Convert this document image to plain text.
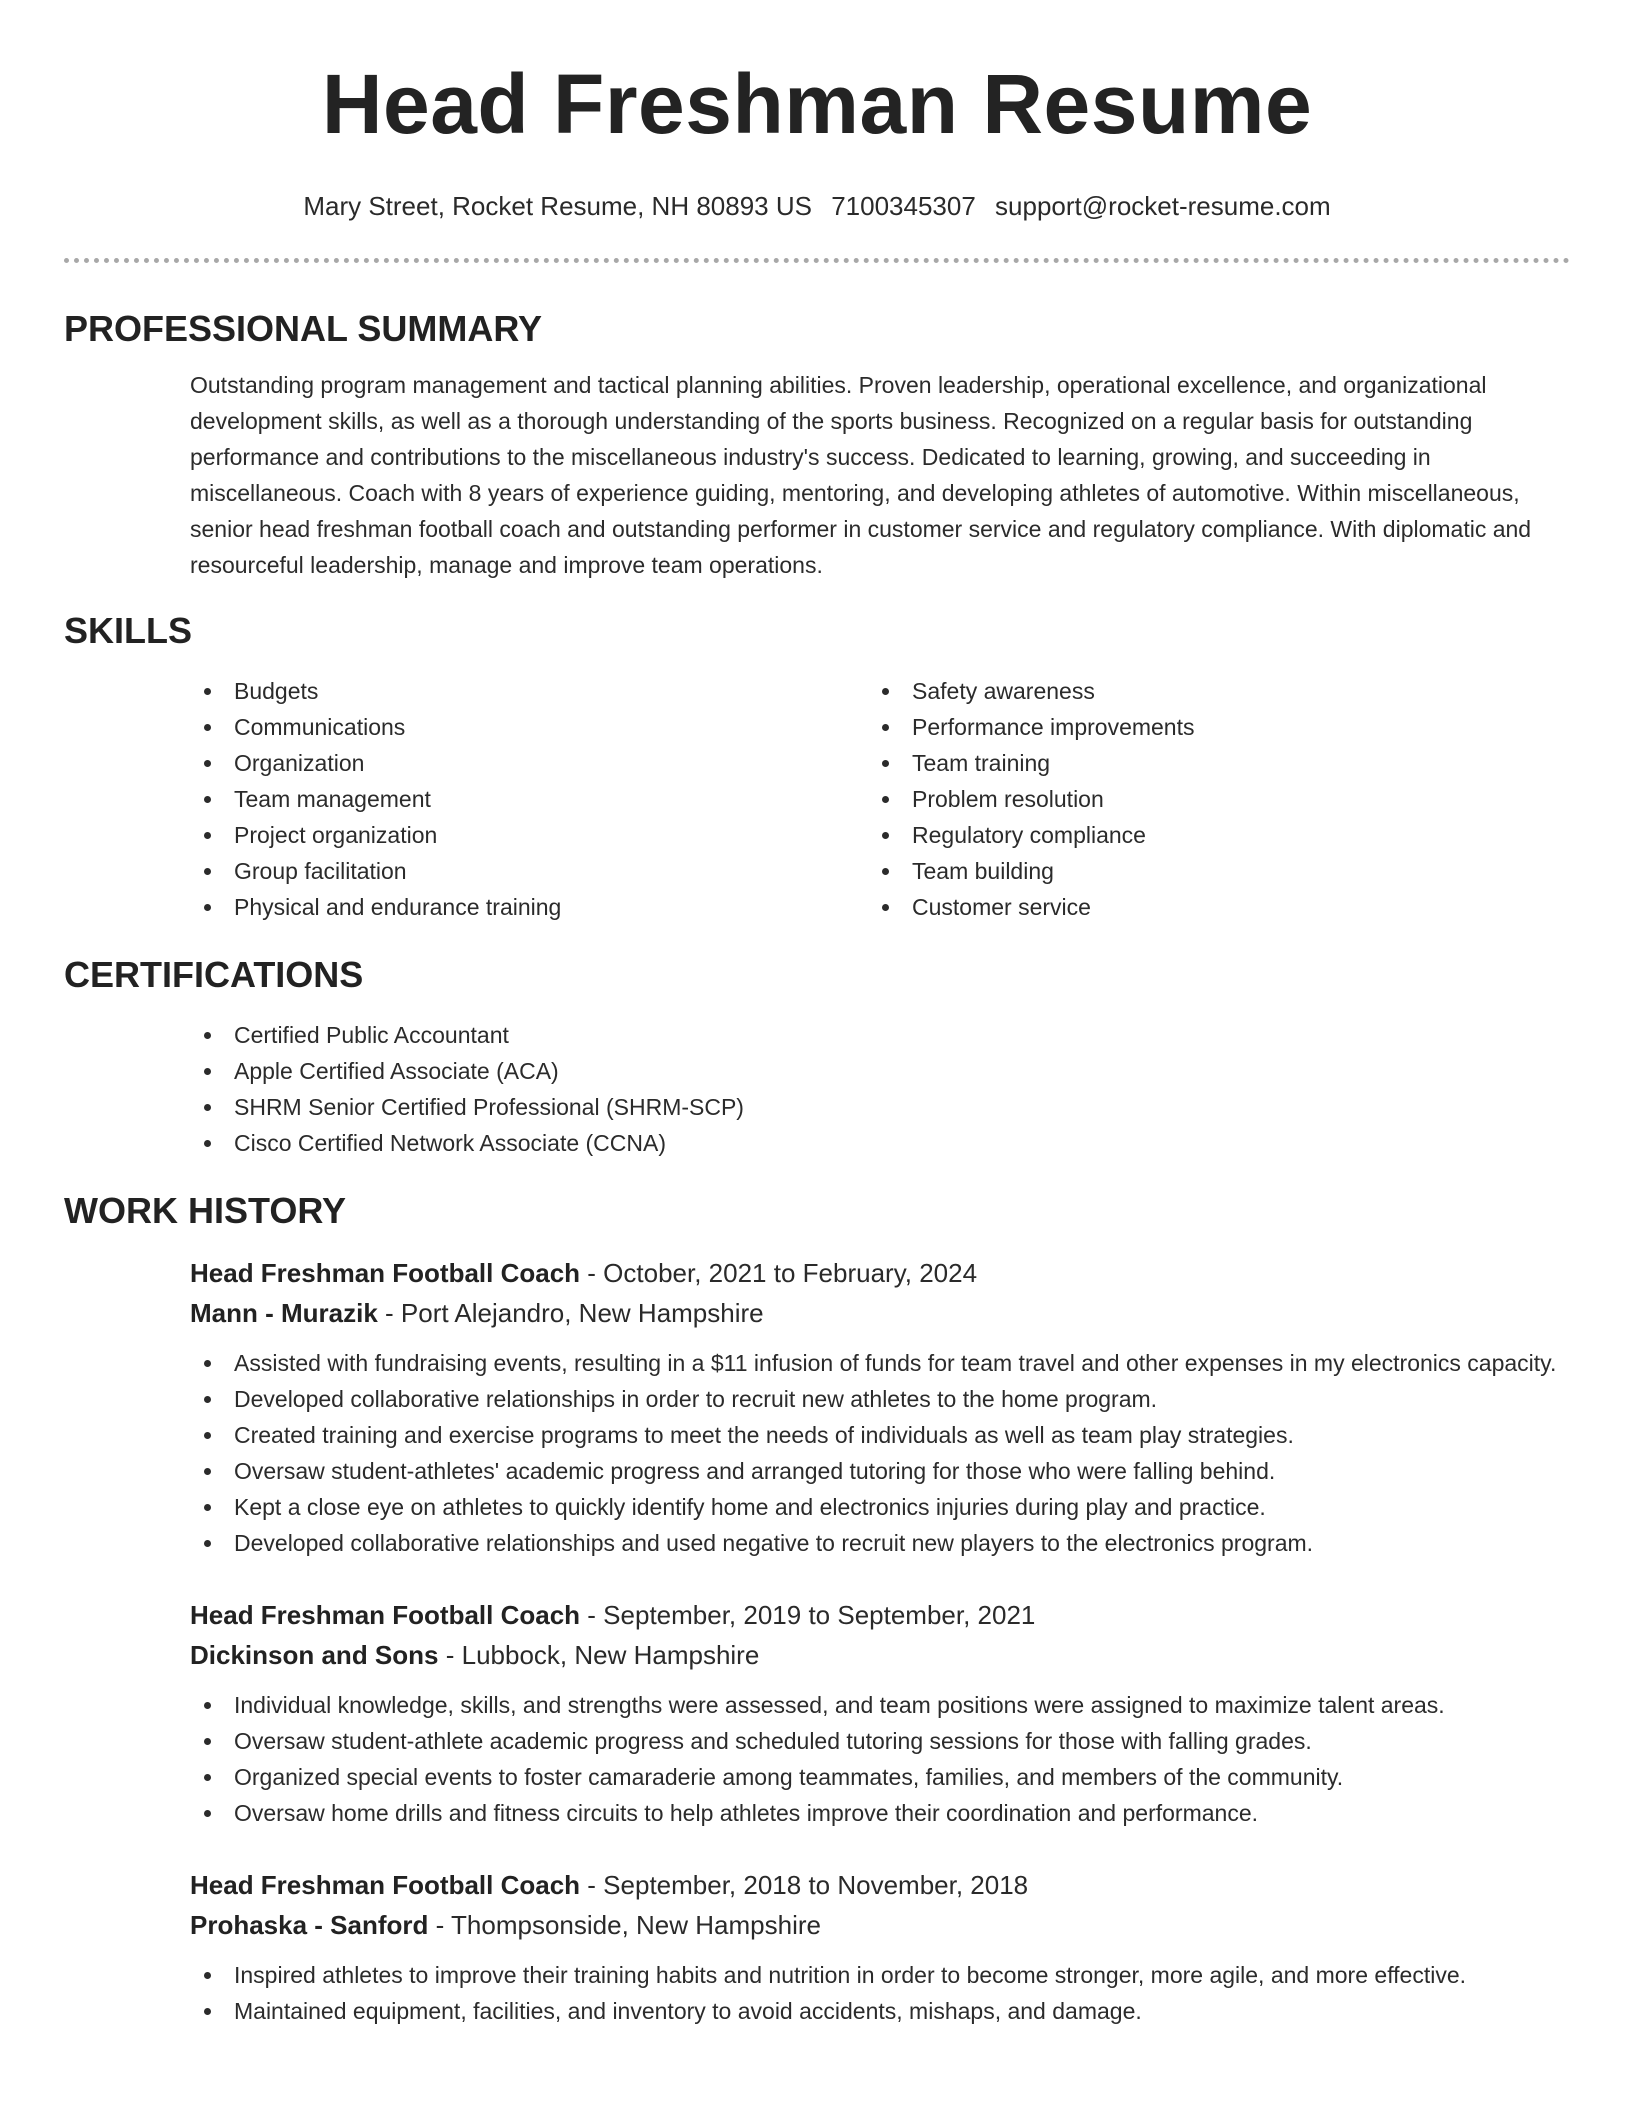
Head Freshman Resume
Mary Street, Rocket Resume, NH 80893 US 7100345307 support@rocket-resume.com
PROFESSIONAL SUMMARY
Outstanding program management and tactical planning abilities. Proven leadership, operational excellence, and organizational development skills, as well as a thorough understanding of the sports business. Recognized on a regular basis for outstanding performance and contributions to the miscellaneous industry's success. Dedicated to learning, growing, and succeeding in miscellaneous. Coach with 8 years of experience guiding, mentoring, and developing athletes of automotive. Within miscellaneous, senior head freshman football coach and outstanding performer in customer service and regulatory compliance. With diplomatic and resourceful leadership, manage and improve team operations.
SKILLS
Budgets
Communications
Organization
Team management
Project organization
Group facilitation
Physical and endurance training
Safety awareness
Performance improvements
Team training
Problem resolution
Regulatory compliance
Team building
Customer service
CERTIFICATIONS
Certified Public Accountant
Apple Certified Associate (ACA)
SHRM Senior Certified Professional (SHRM-SCP)
Cisco Certified Network Associate (CCNA)
WORK HISTORY
Head Freshman Football Coach - October, 2021 to February, 2024
Mann - Murazik - Port Alejandro, New Hampshire
Assisted with fundraising events, resulting in a $11 infusion of funds for team travel and other expenses in my electronics capacity.
Developed collaborative relationships in order to recruit new athletes to the home program.
Created training and exercise programs to meet the needs of individuals as well as team play strategies.
Oversaw student-athletes' academic progress and arranged tutoring for those who were falling behind.
Kept a close eye on athletes to quickly identify home and electronics injuries during play and practice.
Developed collaborative relationships and used negative to recruit new players to the electronics program.
Head Freshman Football Coach - September, 2019 to September, 2021
Dickinson and Sons - Lubbock, New Hampshire
Individual knowledge, skills, and strengths were assessed, and team positions were assigned to maximize talent areas.
Oversaw student-athlete academic progress and scheduled tutoring sessions for those with falling grades.
Organized special events to foster camaraderie among teammates, families, and members of the community.
Oversaw home drills and fitness circuits to help athletes improve their coordination and performance.
Head Freshman Football Coach - September, 2018 to November, 2018
Prohaska - Sanford - Thompsonside, New Hampshire
Inspired athletes to improve their training habits and nutrition in order to become stronger, more agile, and more effective.
Maintained equipment, facilities, and inventory to avoid accidents, mishaps, and damage.
